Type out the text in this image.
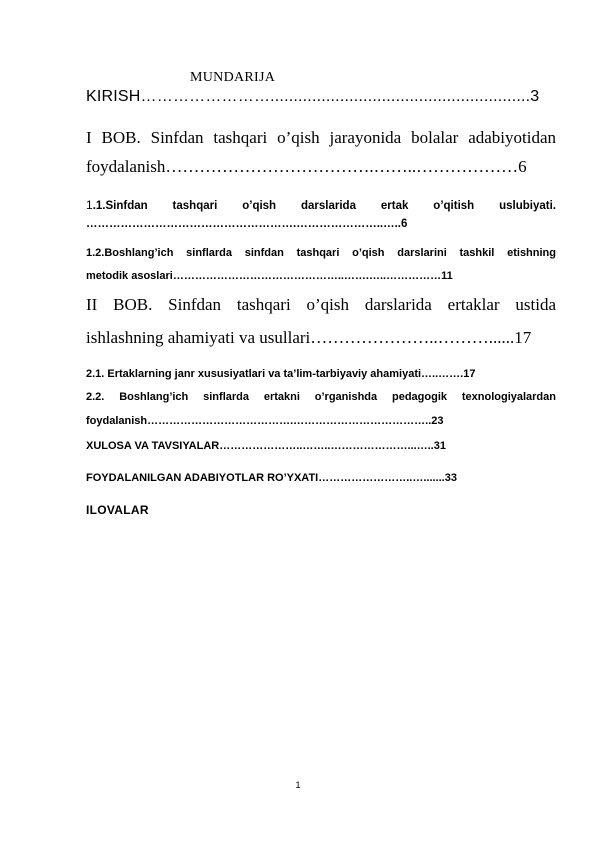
MUNDARIJA
KIRISH……………………........................................................3
I BOB. Sinfdan tashqari o’qish jarayonida bolalar adabiyotidan
foydalanish……………………………….……..………………6
1.1.Sinfdan tashqari o’qish darslarida ertak o’qitish uslubiyati.
……………………………………………….…………………..…..6
1.2.Boshlang’ich sinflarda sinfdan tashqari o’qish darslarini tashkil etishning
metodik asoslari………………………………………..…….…..……………11
II BOB. Sinfdan tashqari o’qish darslarida ertaklar ustida
ishlashning ahamiyati va usullari…………………..………......17
2.1. Ertaklarning janr xususiyatlari va ta’lim-tarbiyaviy ahamiyati…..…….17
2.2. Boshlang’ich sinflarda ertakni o’rganishda pedagogik texnologiyalardan
foydalanish………………………………….………………………………..23
XULOSA VA TAVSIYALAR…………………..……..…………………...…..31
FOYDALANILGAN ADABIYOTLAR RO’YXATI……………………..….......33
ILOVALAR
1
